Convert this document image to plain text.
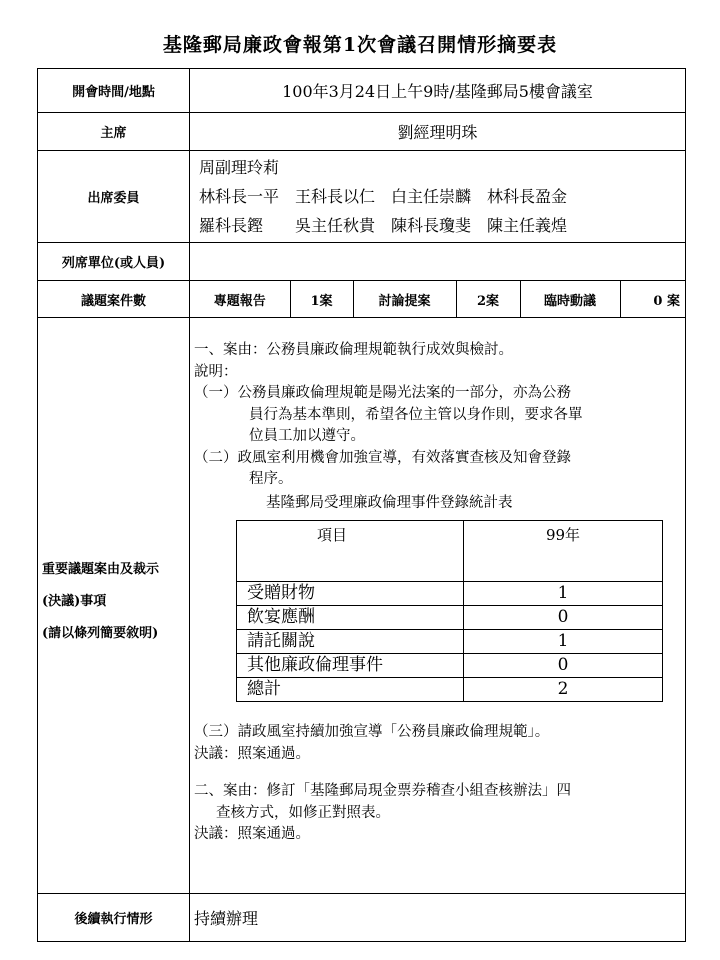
基隆郵局廉政會報第1次會議召開情形摘要表
開會時間/地點	100年3月24日上午9時/基隆郵局5樓會議室
主席	劉經理明珠
出席委員	
周副理玲莉
林科長一平　王科長以仁　白主任崇麟　林科長盈金
羅科長鏗　　吳主任秋貴　陳科長瓊斐　陳主任義煌

列席單位(或人員)	
議題案件數		專題報告	1案	討論提案	2案	臨時動議	0 案

重要議題案由及裁示
(決議)事項
(請以條列簡要敘明)

一、案由：公務員廉政倫理規範執行成效與檢討。
說明：
（一）公務員廉政倫理規範是陽光法案的一部分，亦為公務
員行為基本準則，希望各位主管以身作則，要求各單
位員工加以遵守。
（二）政風室利用機會加強宣導，有效落實查核及知會登錄
程序。
基隆郵局受理廉政倫理事件登錄統計表
項目	99年
受贈財物	1
飲宴應酬	0
請託關說	1
其他廉政倫理事件	0
總計	2
（三）請政風室持續加強宣導「公務員廉政倫理規範」。
決議：照案通過。
二、案由：修訂「基隆郵局現金票券稽查小組查核辦法」四
查核方式，如修正對照表。
決議：照案通過。

後續執行情形	持續辦理
